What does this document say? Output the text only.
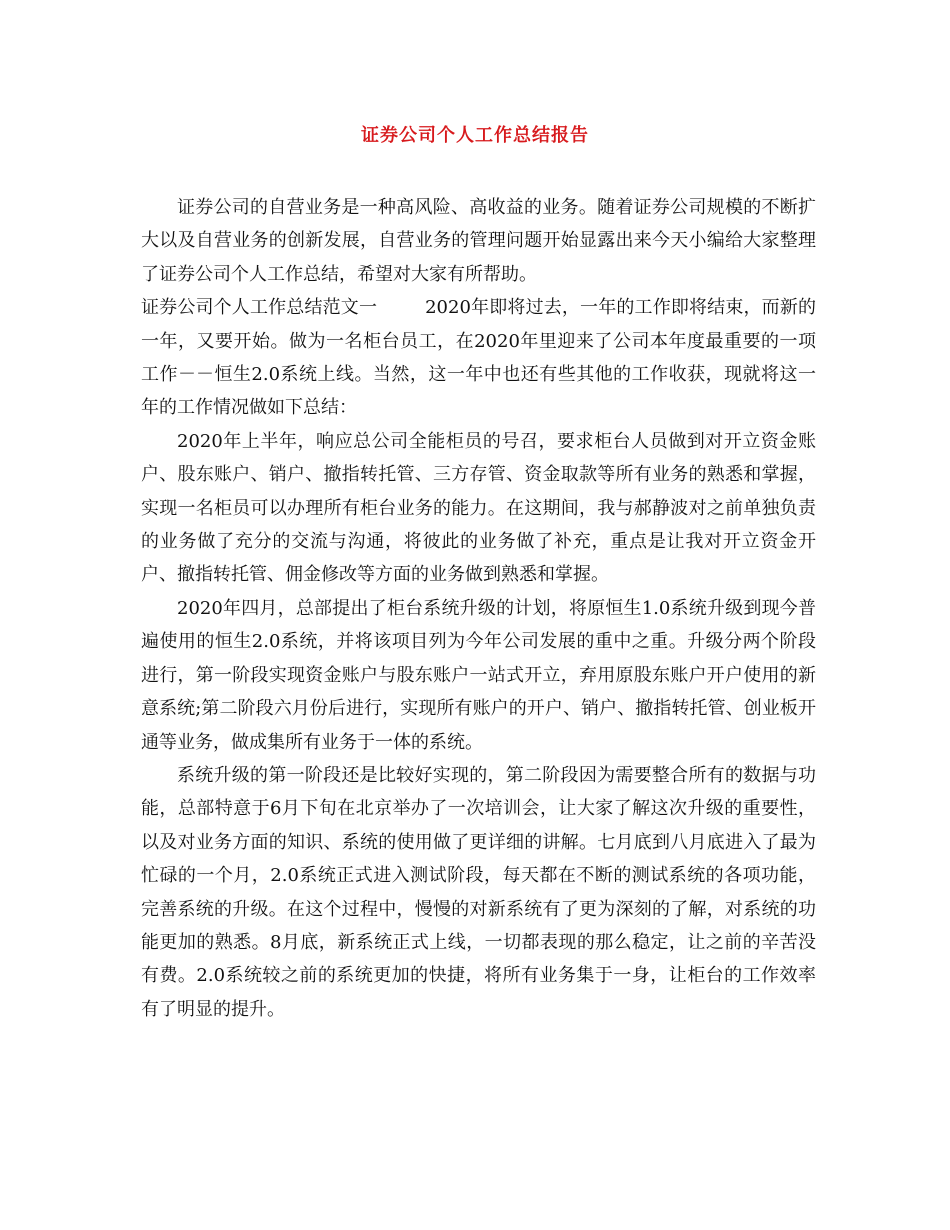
证券公司个人工作总结报告

证券公司的自营业务是一种高风险、高收益的业务。随着证券公司规模的不断扩大以及自营业务的创新发展，自营业务的管理问题开始显露出来今天小编给大家整理了证券公司个人工作总结，希望对大家有所帮助。

证券公司个人工作总结范文一	2020年即将过去，一年的工作即将结束，而新的一年，又要开始。做为一名柜台员工，在2020年里迎来了公司本年度最重要的一项工作－－恒生2.0系统上线。当然，这一年中也还有些其他的工作收获，现就将这一年的工作情况做如下总结：

2020年上半年，响应总公司全能柜员的号召，要求柜台人员做到对开立资金账户、股东账户、销户、撤指转托管、三方存管、资金取款等所有业务的熟悉和掌握，实现一名柜员可以办理所有柜台业务的能力。在这期间，我与郝静波对之前单独负责的业务做了充分的交流与沟通，将彼此的业务做了补充，重点是让我对开立资金开户、撤指转托管、佣金修改等方面的业务做到熟悉和掌握。

2020年四月，总部提出了柜台系统升级的计划，将原恒生1.0系统升级到现今普遍使用的恒生2.0系统，并将该项目列为今年公司发展的重中之重。升级分两个阶段进行，第一阶段实现资金账户与股东账户一站式开立，弃用原股东账户开户使用的新意系统;第二阶段六月份后进行，实现所有账户的开户、销户、撤指转托管、创业板开通等业务，做成集所有业务于一体的系统。

系统升级的第一阶段还是比较好实现的，第二阶段因为需要整合所有的数据与功能，总部特意于6月下旬在北京举办了一次培训会，让大家了解这次升级的重要性，以及对业务方面的知识、系统的使用做了更详细的讲解。七月底到八月底进入了最为忙碌的一个月，2.0系统正式进入测试阶段，每天都在不断的测试系统的各项功能，完善系统的升级。在这个过程中，慢慢的对新系统有了更为深刻的了解，对系统的功能更加的熟悉。8月底，新系统正式上线，一切都表现的那么稳定，让之前的辛苦没有费。2.0系统较之前的系统更加的快捷，将所有业务集于一身，让柜台的工作效率有了明显的提升。
